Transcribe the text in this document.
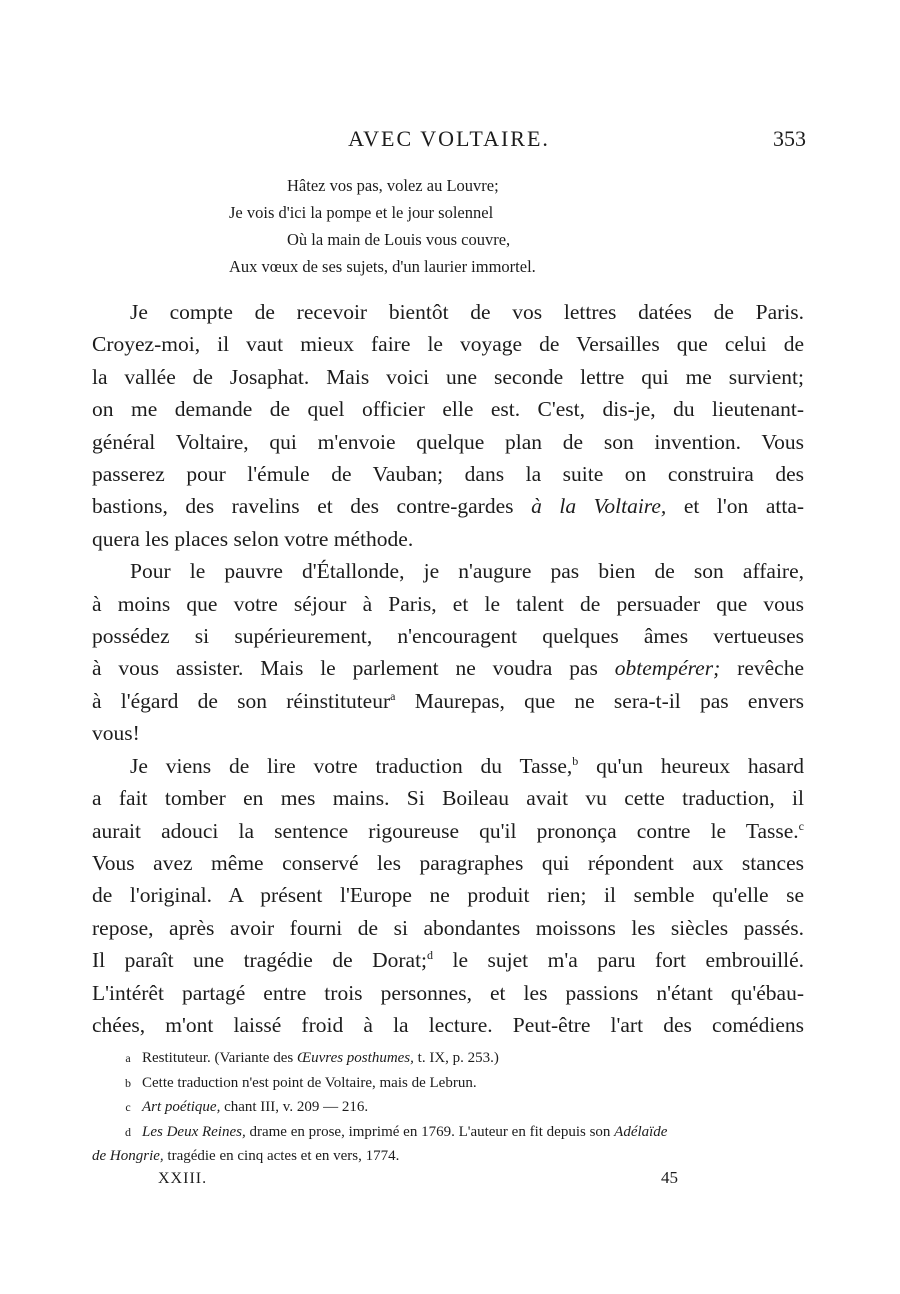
AVEC VOLTAIRE.	353
Hâtez vos pas, volez au Louvre;
Je vois d'ici la pompe et le jour solennel
Où la main de Louis vous couvre,
Aux vœux de ses sujets, d'un laurier immortel.
Je compte de recevoir bientôt de vos lettres datées de Paris.
Croyez-moi, il vaut mieux faire le voyage de Versailles que celui de
la vallée de Josaphat. Mais voici une seconde lettre qui me survient;
on me demande de quel officier elle est. C'est, dis-je, du lieutenant-
général Voltaire, qui m'envoie quelque plan de son invention. Vous
passerez pour l'émule de Vauban; dans la suite on construira des
bastions, des ravelins et des contre-gardes à la Voltaire, et l'on atta-
quera les places selon votre méthode.
Pour le pauvre d'Étallonde, je n'augure pas bien de son affaire,
à moins que votre séjour à Paris, et le talent de persuader que vous
possédez si supérieurement, n'encouragent quelques âmes vertueuses
à vous assister. Mais le parlement ne voudra pas obtempérer; revêche
à l'égard de son réinstituteur$^a$ Maurepas, que ne sera-t-il pas envers
vous!
Je viens de lire votre traduction du Tasse,$^b$ qu'un heureux hasard
a fait tomber en mes mains. Si Boileau avait vu cette traduction, il
aurait adouci la sentence rigoureuse qu'il prononça contre le Tasse.$^c$
Vous avez même conservé les paragraphes qui répondent aux stances
de l'original. A présent l'Europe ne produit rien; il semble qu'elle se
repose, après avoir fourni de si abondantes moissons les siècles passés.
Il paraît une tragédie de Dorat;$^d$ le sujet m'a paru fort embrouillé.
L'intérêt partagé entre trois personnes, et les passions n'étant qu'ébau-
chées, m'ont laissé froid à la lecture. Peut-être l'art des comédiens
a Restituteur. (Variante des Œuvres posthumes, t. IX, p. 253.)
b Cette traduction n'est point de Voltaire, mais de Lebrun.
c Art poétique, chant III, v. 209 — 216.
d Les Deux Reines, drame en prose, imprimé en 1769. L'auteur en fit depuis son Adélaïde
de Hongrie, tragédie en cinq actes et en vers, 1774.
XXIII.	45
